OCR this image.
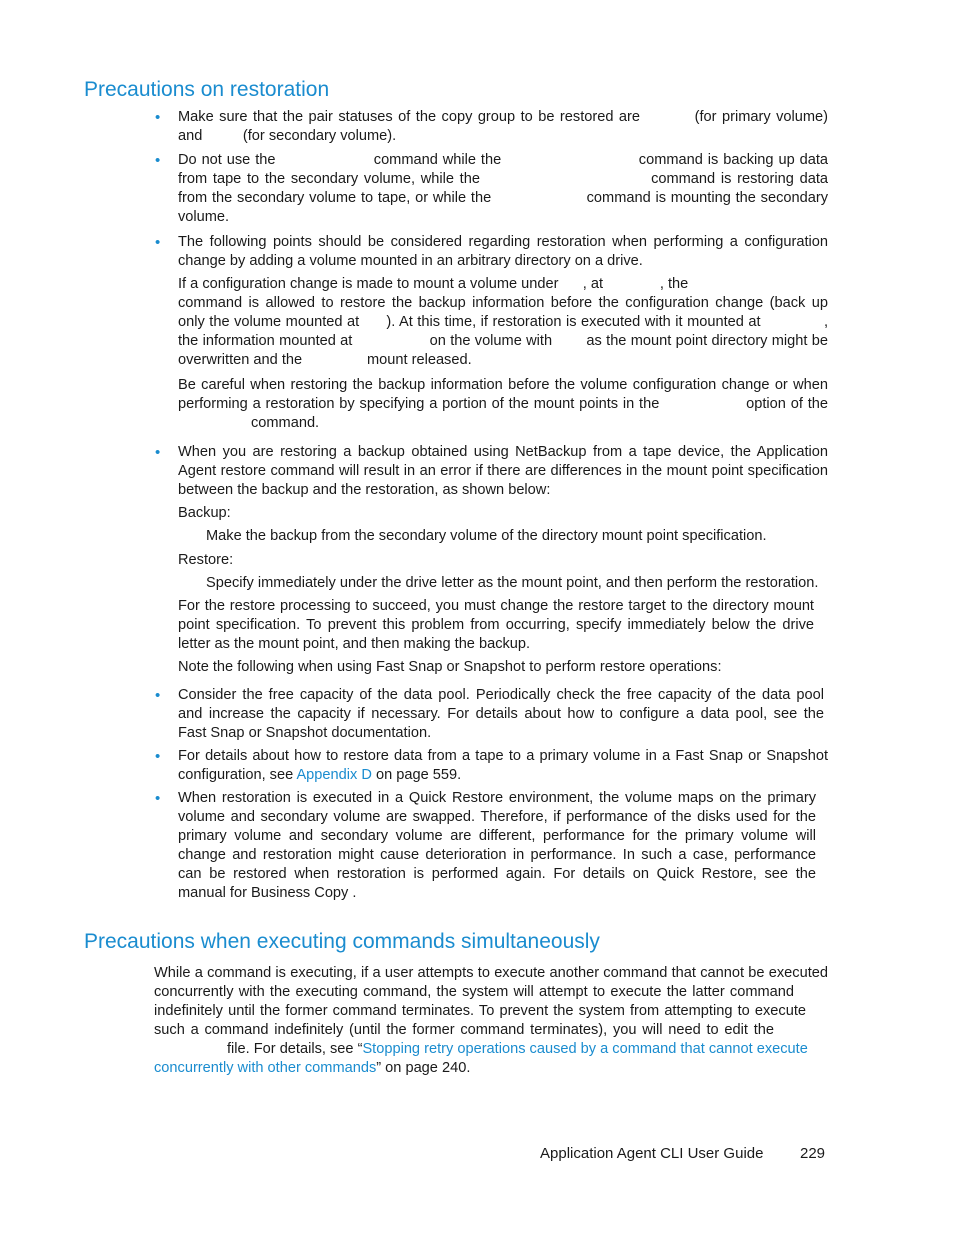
Precautions on restoration
• Make sure that the pair statuses of the copy group to be restored are          (for primary volume)
and          (for secondary volume).
• Do not use the                    command while the                            command is backing up data
from tape to the secondary volume, while the                              command is restoring data
from the secondary volume to tape, or while the                    command is mounting the secondary
volume.
• The following points should be considered regarding restoration when performing a configuration
change by adding a volume mounted in an arbitrary directory on a drive.
If a configuration change is made to mount a volume under      , at              , the
command is allowed to restore the backup information before the configuration change (back up
only the volume mounted at      ). At this time, if restoration is executed with it mounted at              ,
the information mounted at                  on the volume with        as the mount point directory might be
overwritten and the                mount released.
Be careful when restoring the backup information before the volume configuration change or when
performing a restoration by specifying a portion of the mount points in the                  option of the
command.
• When you are restoring a backup obtained using NetBackup from a tape device, the Application
Agent restore command will result in an error if there are differences in the mount point specification
between the backup and the restoration, as shown below:
Backup:
Make the backup from the secondary volume of the directory mount point specification.
Restore:
Specify immediately under the drive letter as the mount point, and then perform the restoration.
For the restore processing to succeed, you must change the restore target to the directory mount
point specification. To prevent this problem from occurring, specify immediately below the drive
letter as the mount point, and then making the backup.
Note the following when using Fast Snap or Snapshot to perform restore operations:
• Consider the free capacity of the data pool. Periodically check the free capacity of the data pool
and increase the capacity if necessary. For details about how to configure a data pool, see the
Fast Snap or Snapshot documentation.
• For details about how to restore data from a tape to a primary volume in a Fast Snap or Snapshot
configuration, see Appendix D on page 559.
• When restoration is executed in a Quick Restore environment, the volume maps on the primary
volume and secondary volume are swapped. Therefore, if performance of the disks used for the
primary volume and secondary volume are different, performance for the primary volume will
change and restoration might cause deterioration in performance. In such a case, performance
can be restored when restoration is performed again. For details on Quick Restore, see the
manual for Business Copy .
Precautions when executing commands simultaneously
While a command is executing, if a user attempts to execute another command that cannot be executed
concurrently with the executing command, the system will attempt to execute the latter command
indefinitely until the former command terminates. To prevent the system from attempting to execute
such a command indefinitely (until the former command terminates), you will need to edit the
file. For details, see “Stopping retry operations caused by a command that cannot execute
concurrently with other commands” on page 240.
Application Agent CLI User Guide 229
